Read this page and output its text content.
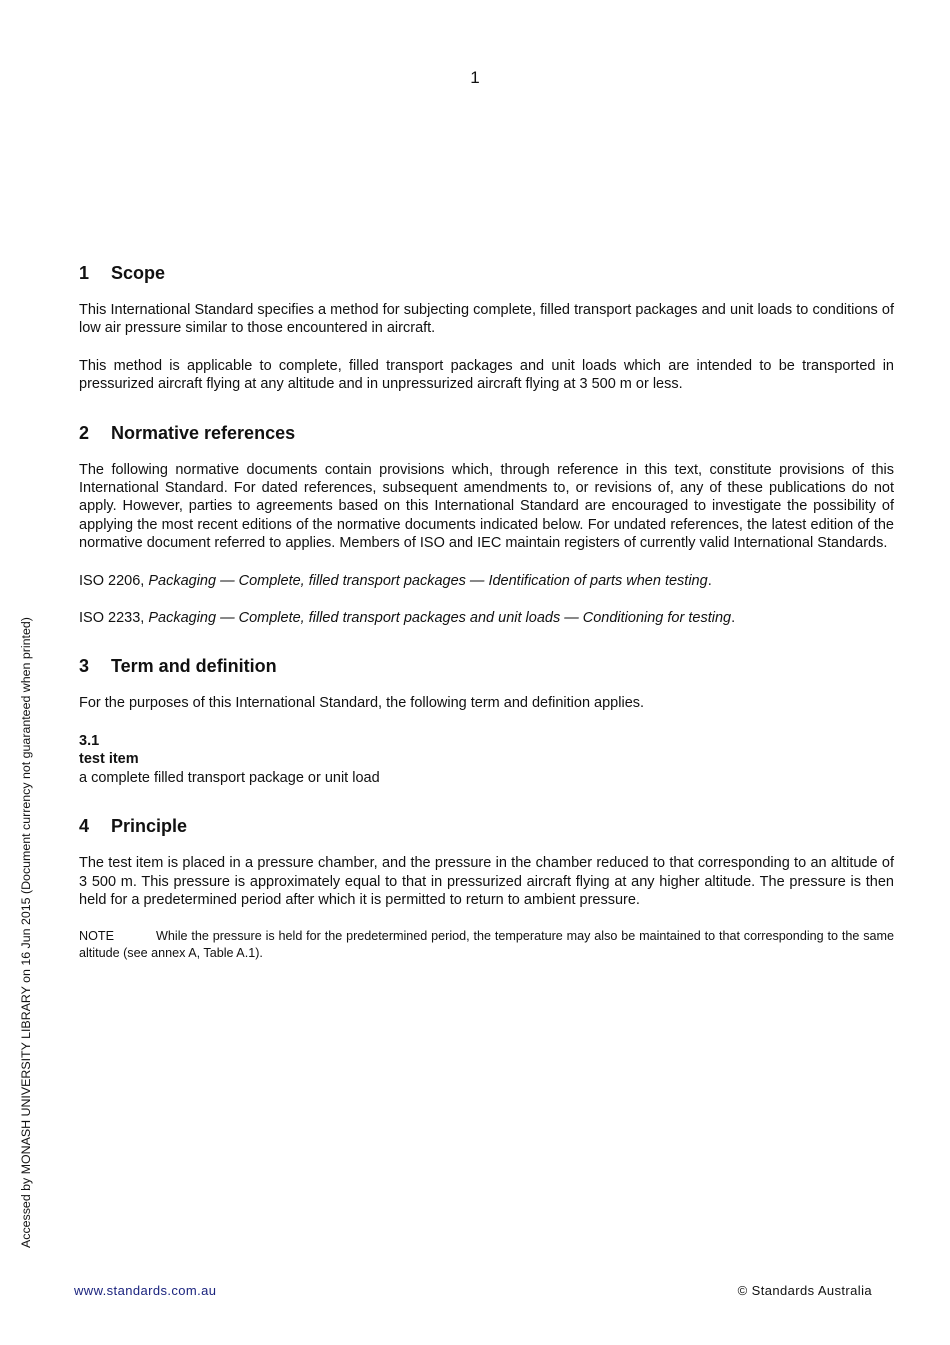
1
1 Scope

This International Standard specifies a method for subjecting complete, filled transport packages and unit loads to conditions of low air pressure similar to those encountered in aircraft.

This method is applicable to complete, filled transport packages and unit loads which are intended to be transported in pressurized aircraft flying at any altitude and in unpressurized aircraft flying at 3 500 m or less.

2 Normative references

The following normative documents contain provisions which, through reference in this text, constitute provisions of this International Standard. For dated references, subsequent amendments to, or revisions of, any of these publications do not apply. However, parties to agreements based on this International Standard are encouraged to investigate the possibility of applying the most recent editions of the normative documents indicated below. For undated references, the latest edition of the normative document referred to applies. Members of ISO and IEC maintain registers of currently valid International Standards.

ISO 2206, Packaging — Complete, filled transport packages — Identification of parts when testing.

ISO 2233, Packaging — Complete, filled transport packages and unit loads — Conditioning for testing.

3 Term and definition

For the purposes of this International Standard, the following term and definition applies.

3.1
test item
a complete filled transport package or unit load
4 Principle

The test item is placed in a pressure chamber, and the pressure in the chamber reduced to that corresponding to an altitude of 3 500 m. This pressure is approximately equal to that in pressurized aircraft flying at any higher altitude. The pressure is then held for a predetermined period after which it is permitted to return to ambient pressure.

NOTE	While the pressure is held for the predetermined period, the temperature may also be maintained to that corresponding to the same altitude (see annex A, Table A.1).

Accessed by MONASH UNIVERSITY LIBRARY on 16 Jun 2015 (Document currency not guaranteed when printed)
www.standards.com.au	© Standards Australia
